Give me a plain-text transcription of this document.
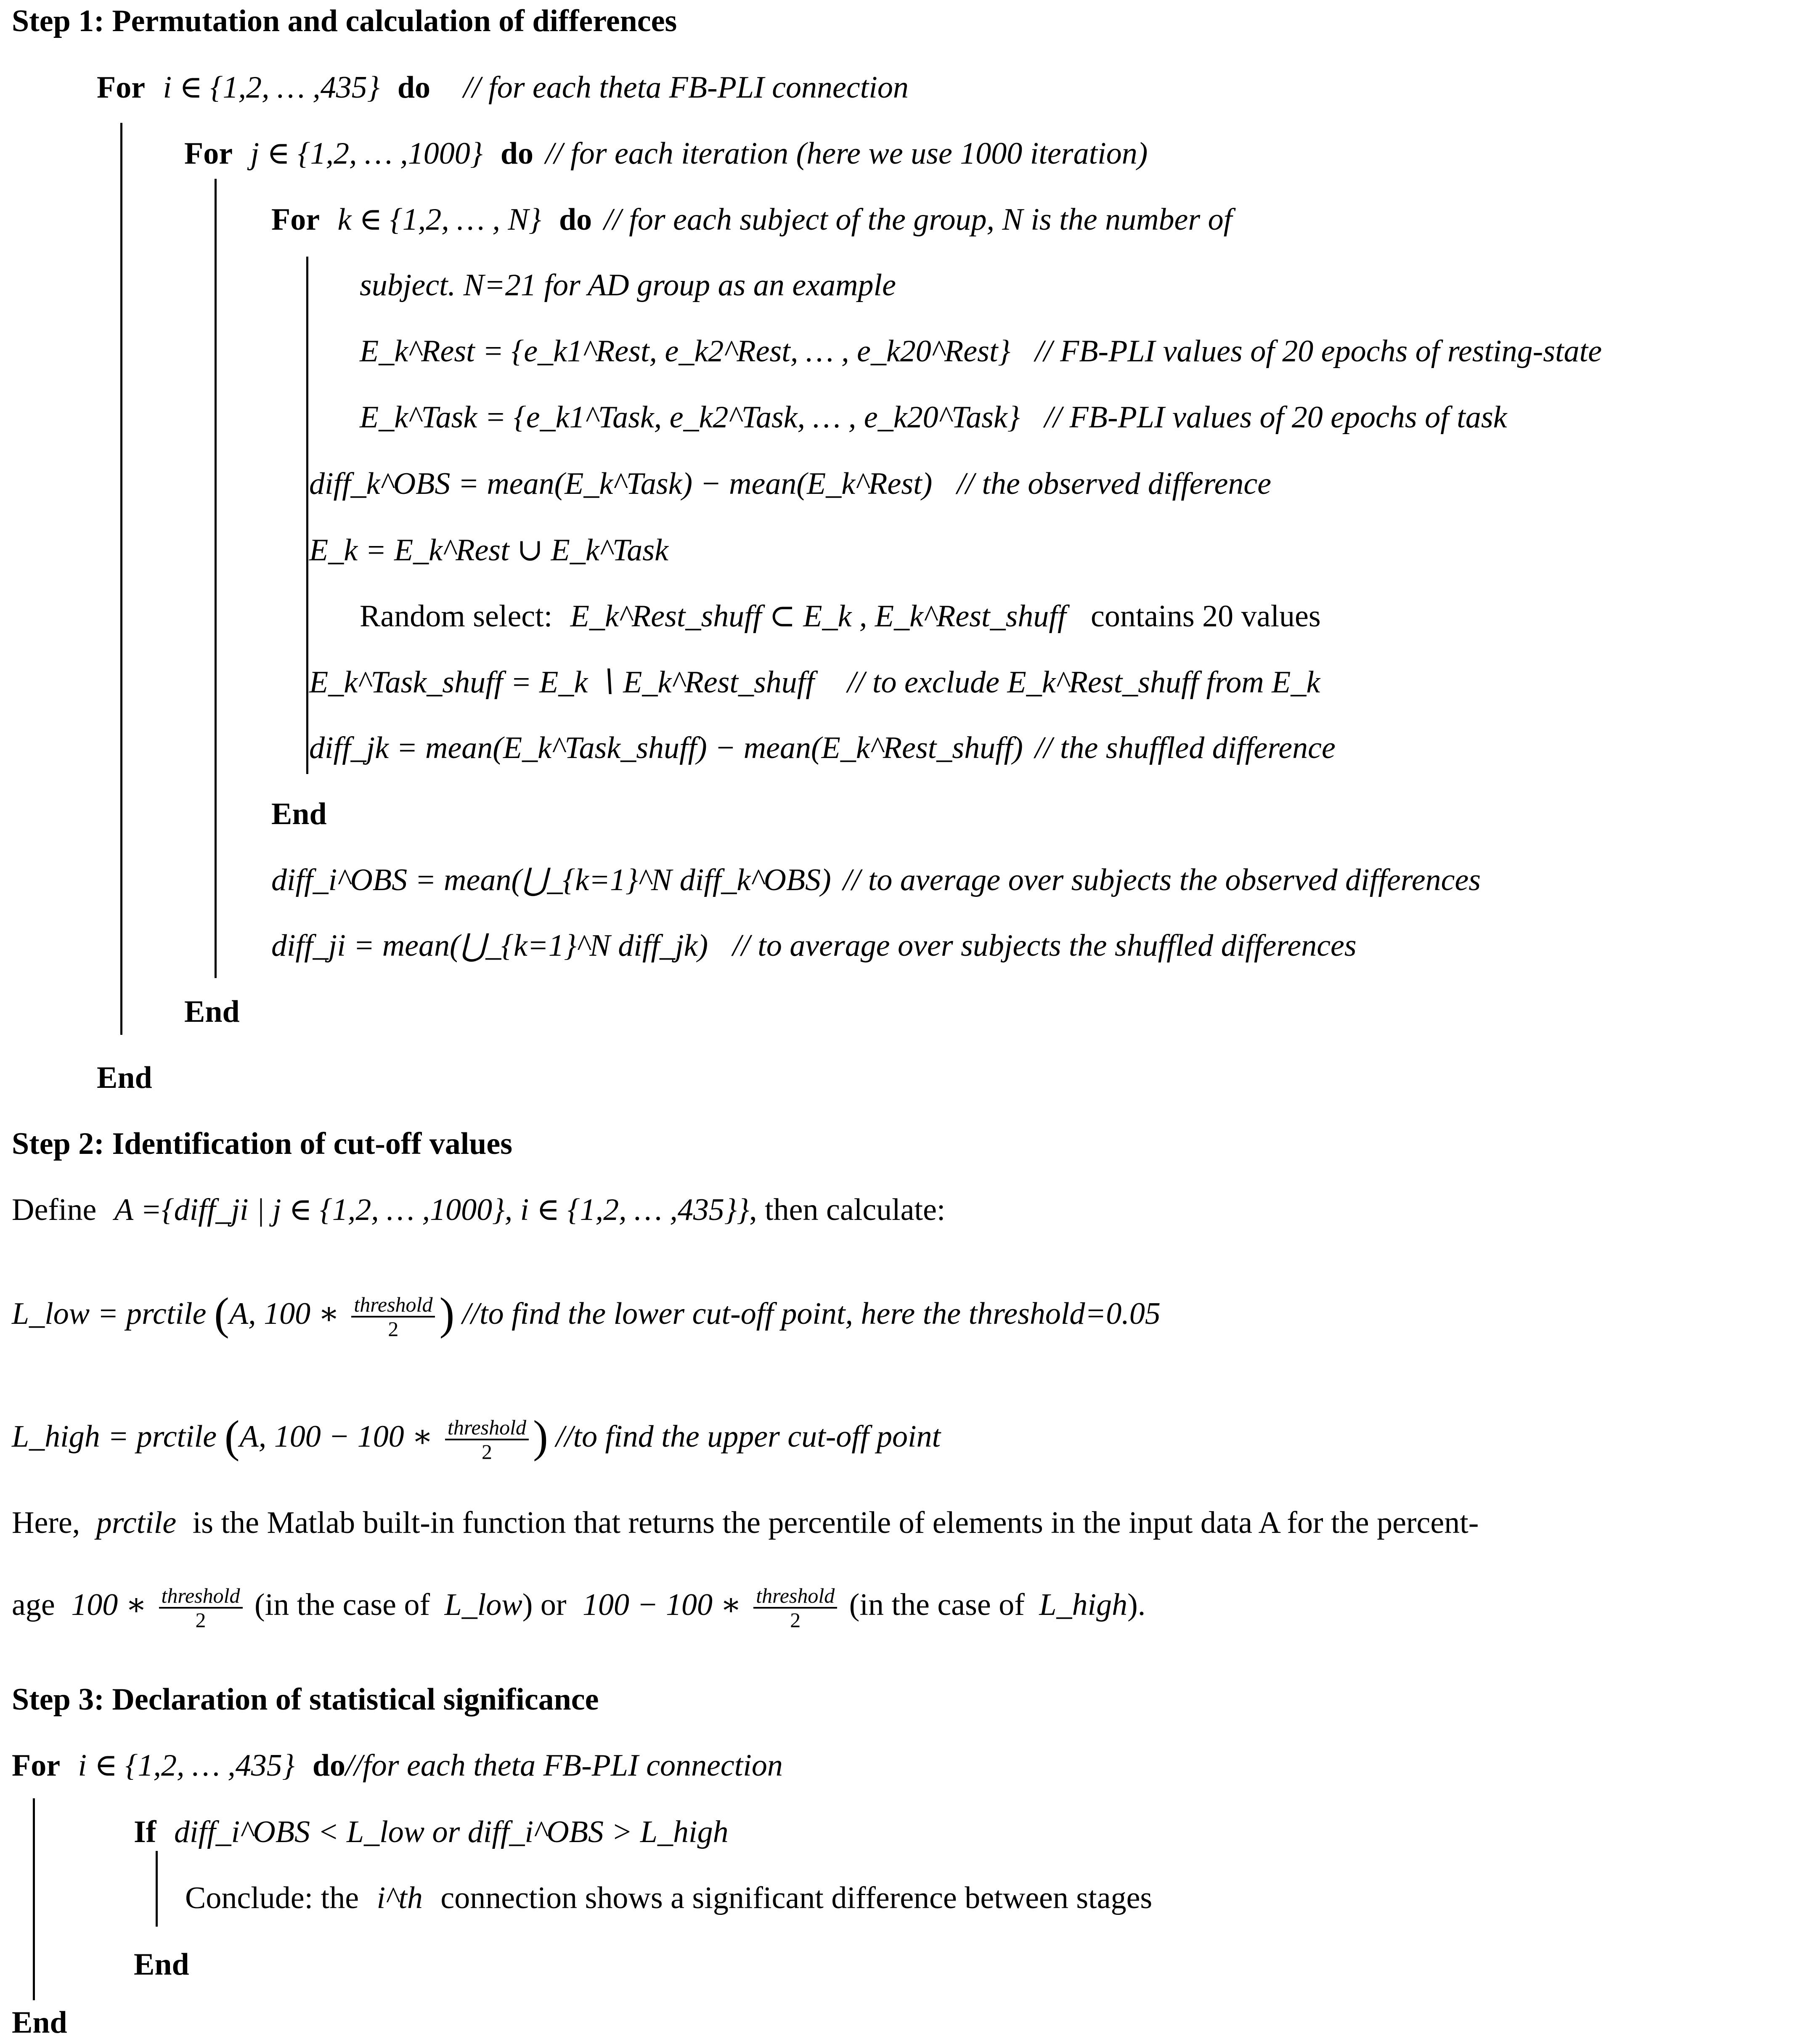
Step 1: Permutation and calculation of differences
For i ∈ {1,2, … ,435} do // for each theta FB-PLI connection
For j ∈ {1,2, … ,1000} do // for each iteration (here we use 1000 iteration)
For k ∈ {1,2, … , N} do // for each subject of the group, N is the number of
subject. N=21 for AD group as an example
E_k^Rest = {e_k1^Rest, e_k2^Rest, … , e_k20^Rest} // FB-PLI values of 20 epochs of resting-state
E_k^Task = {e_k1^Task, e_k2^Task, … , e_k20^Task} // FB-PLI values of 20 epochs of task
diff_k^OBS = mean(E_k^Task) − mean(E_k^Rest) // the observed difference
E_k = E_k^Rest ∪ E_k^Task
Random select: E_k^Rest_shuff ⊂ E_k , E_k^Rest_shuff contains 20 values
E_k^Task_shuff = E_k ∖ E_k^Rest_shuff // to exclude E_k^Rest_shuff from E_k
diff_jk = mean(E_k^Task_shuff) − mean(E_k^Rest_shuff) // the shuffled difference
End
diff_i^OBS = mean(⋃_{k=1}^N diff_k^OBS) // to average over subjects the observed differences
diff_ji = mean(⋃_{k=1}^N diff_jk) // to average over subjects the shuffled differences
End
End
Step 2: Identification of cut-off values
Define A ={diff_ji | j ∈ {1,2, … ,1000}, i ∈ {1,2, … ,435}}, then calculate:
L_low = prctile (A, 100 ∗ $\frac{\text{threshold}}{2}$ ) //to find the lower cut-off point, here the threshold=0.05
L_high = prctile (A, 100 − 100 ∗ $\frac{\text{threshold}}{2}$ ) //to find the upper cut-off point
Here, prctile is the Matlab built-in function that returns the percentile of elements in the input data A for the percent-
age 100 ∗ $\frac{\text{threshold}}{2} (in$ the case of L_low) or 100 − 100 ∗ $\frac{\text{threshold}}{2} (in$ the case of L_high).
Step 3: Declaration of statistical significance
For i ∈ {1,2, … ,435} do//for each theta FB-PLI connection
If diff_i^OBS < L_low or diff_i^OBS > L_high
Conclude: the i^th connection shows a significant difference between stages
End
End
